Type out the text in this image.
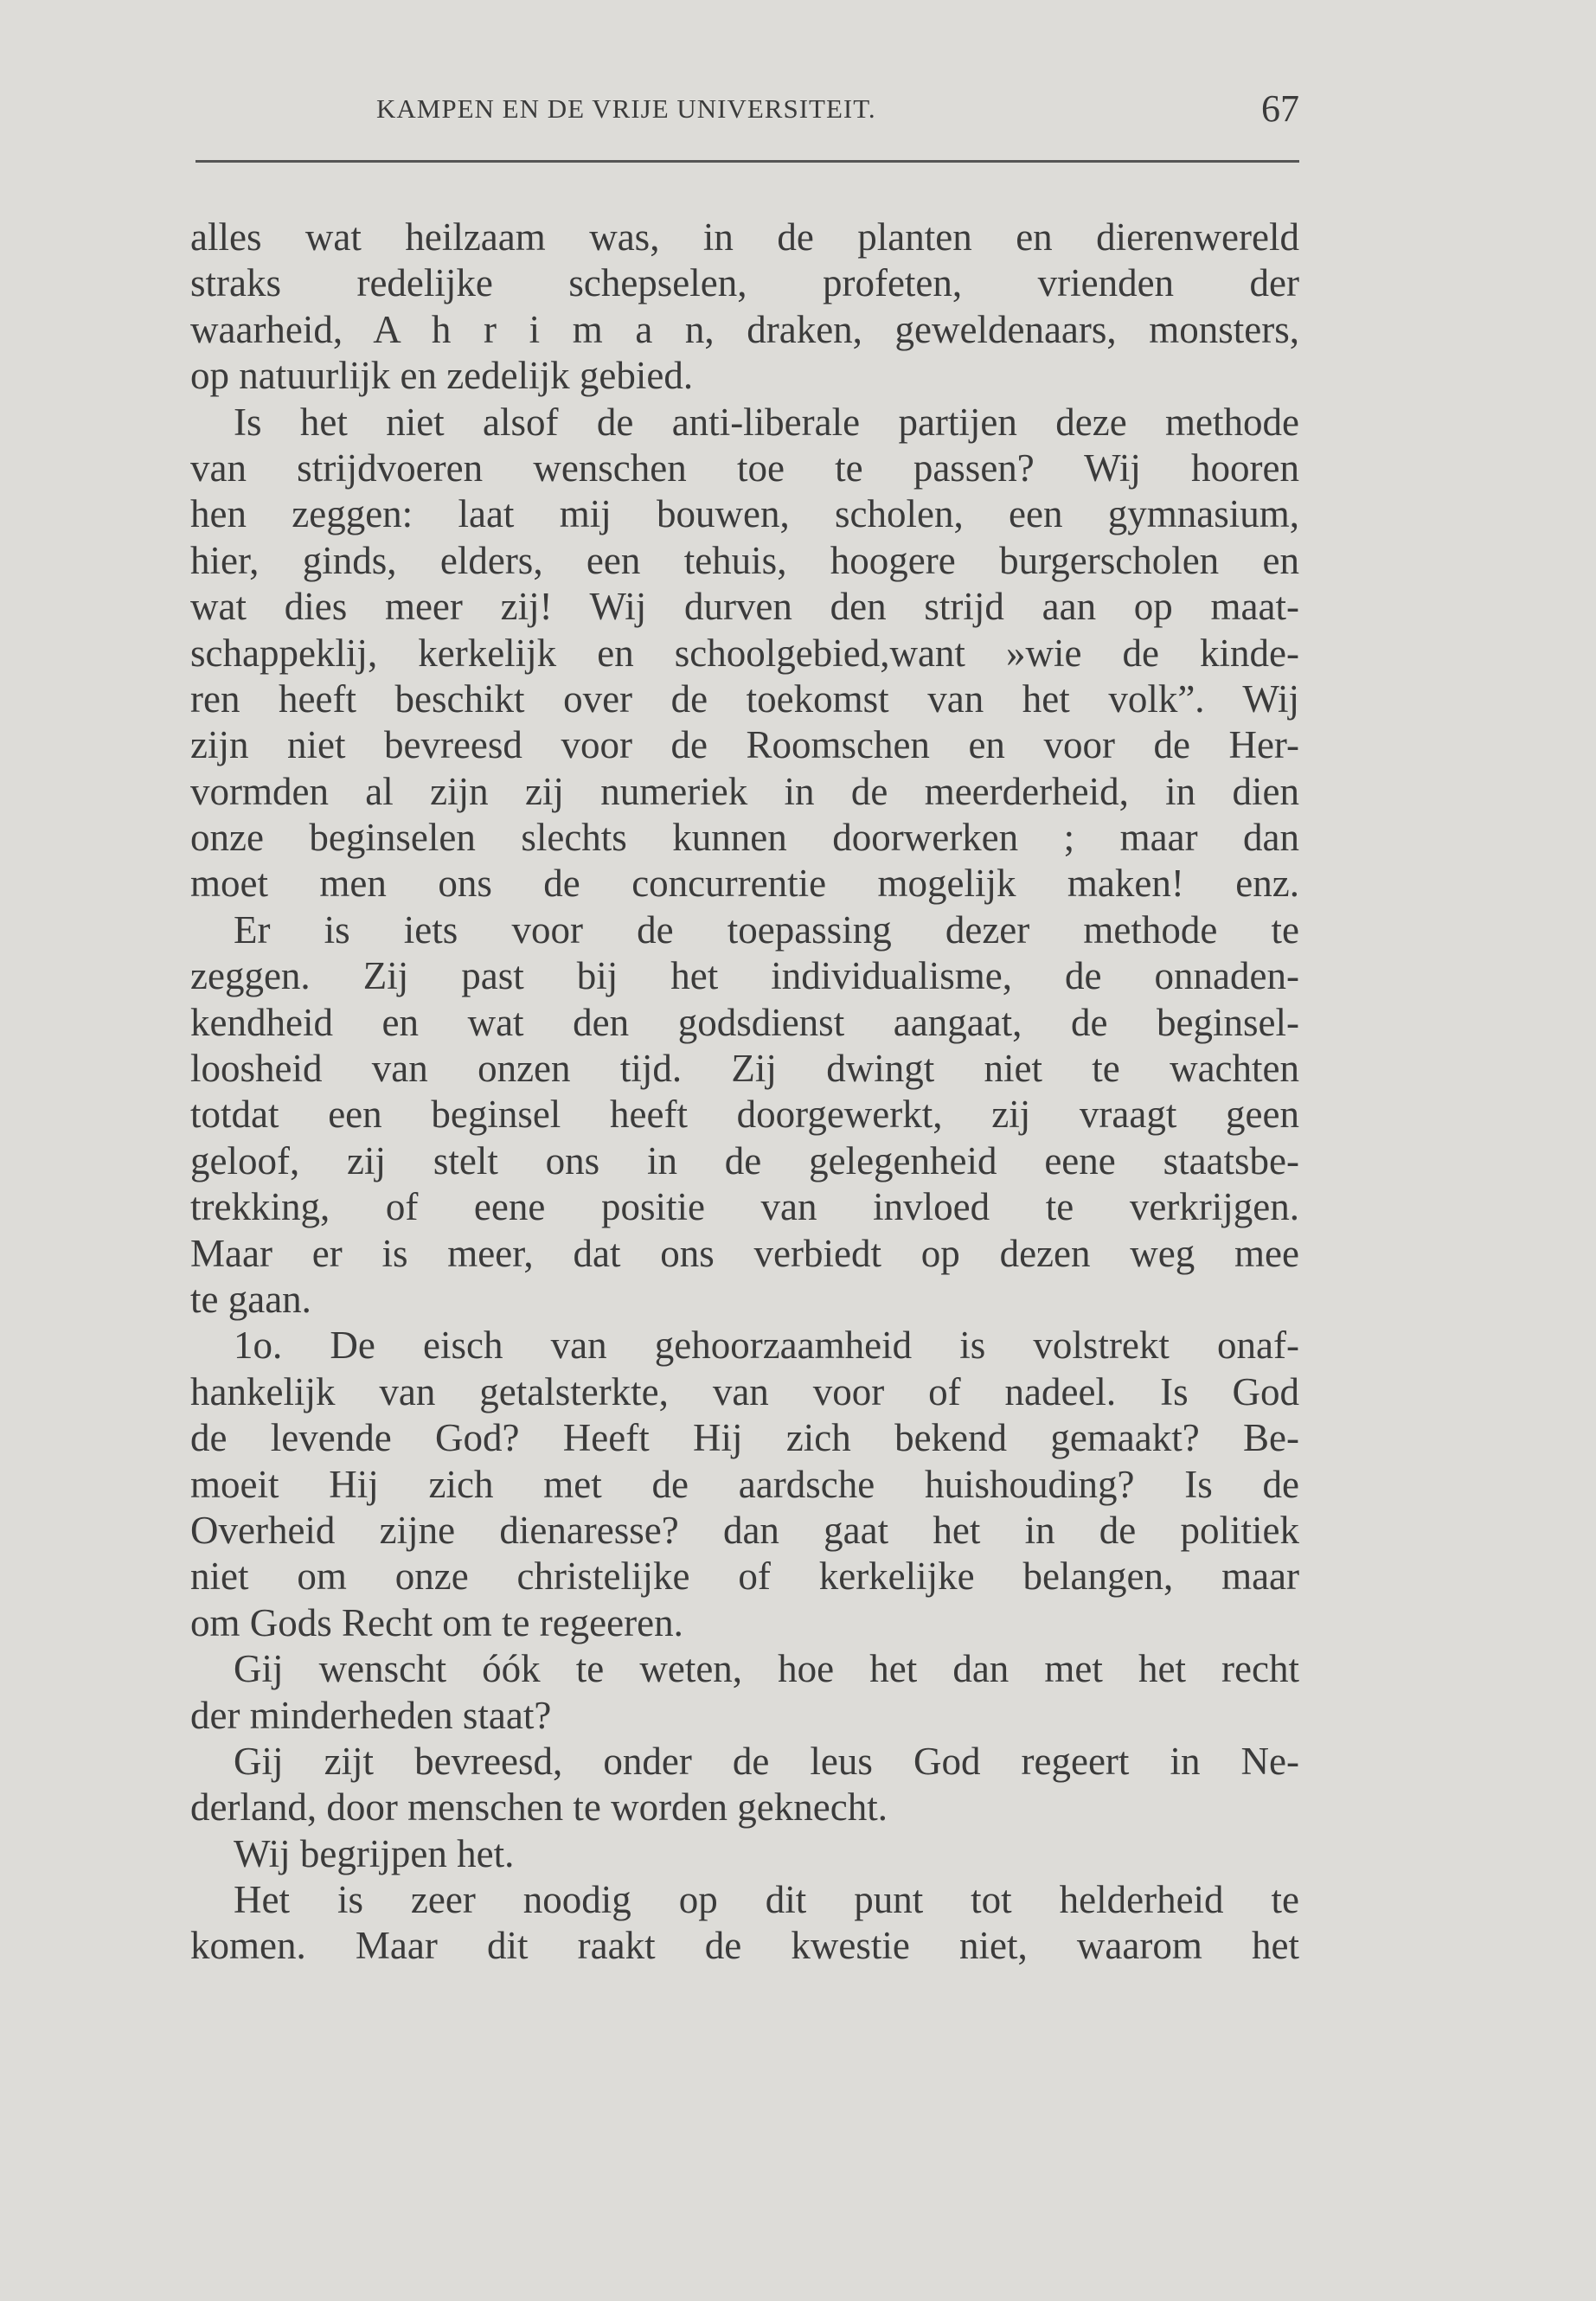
KAMPEN EN DE VRIJE UNIVERSITEIT.	67
alles wat heilzaam was, in de planten en dierenwereld
straks redelijke schepselen, profeten, vrienden der
waarheid, A h r i m a n, draken, geweldenaars, monsters,
op natuurlijk en zedelijk gebied.
Is het niet alsof de anti-liberale partijen deze methode
van strijdvoeren wenschen toe te passen? Wij hooren
hen zeggen: laat mij bouwen, scholen, een gymnasium,
hier, ginds, elders, een tehuis, hoogere burgerscholen en
wat dies meer zij! Wij durven den strijd aan op maat-
schappeklij, kerkelijk en schoolgebied,want »wie de kinde-
ren heeft beschikt over de toekomst van het volk”. Wij
zijn niet bevreesd voor de Roomschen en voor de Her-
vormden al zijn zij numeriek in de meerderheid, in dien
onze beginselen slechts kunnen doorwerken ; maar dan
moet men ons de concurrentie mogelijk maken! enz.
Er is iets voor de toepassing dezer methode te
zeggen. Zij past bij het individualisme, de onnaden-
kendheid en wat den godsdienst aangaat, de beginsel-
loosheid van onzen tijd. Zij dwingt niet te wachten
totdat een beginsel heeft doorgewerkt, zij vraagt geen
geloof, zij stelt ons in de gelegenheid eene staatsbe-
trekking, of eene positie van invloed te verkrijgen.
Maar er is meer, dat ons verbiedt op dezen weg mee
te gaan.
1o. De eisch van gehoorzaamheid is volstrekt onaf-
hankelijk van getalsterkte, van voor of nadeel. Is God
de levende God? Heeft Hij zich bekend gemaakt? Be-
moeit Hij zich met de aardsche huishouding? Is de
Overheid zijne dienaresse? dan gaat het in de politiek
niet om onze christelijke of kerkelijke belangen, maar
om Gods Recht om te regeeren.
Gij wenscht óók te weten, hoe het dan met het recht
der minderheden staat?
Gij zijt bevreesd, onder de leus God regeert in Ne-
derland, door menschen te worden geknecht.
Wij begrijpen het.
Het is zeer noodig op dit punt tot helderheid te
komen. Maar dit raakt de kwestie niet, waarom het
